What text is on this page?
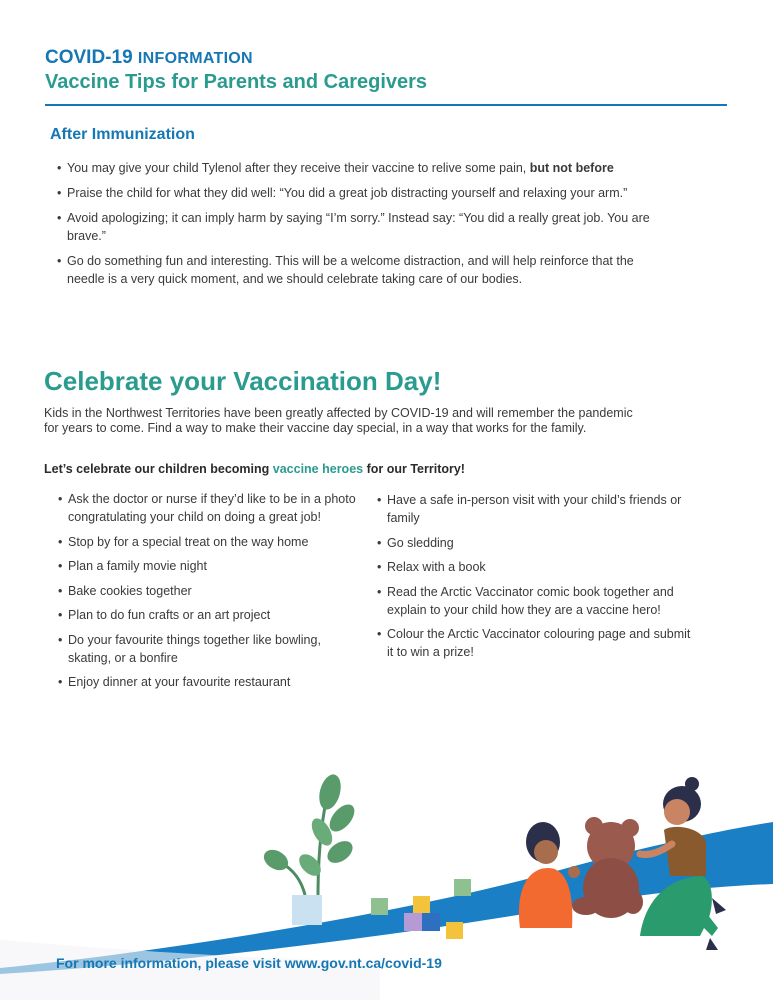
COVID-19 INFORMATION
Vaccine Tips for Parents and Caregivers
After Immunization
• You may give your child Tylenol after they receive their vaccine to relive some pain, but not before
• Praise the child for what they did well: “You did a great job distracting yourself and relaxing your arm.”
• Avoid apologizing; it can imply harm by saying “I’m sorry.” Instead say: “You did a really great job. You are brave.”
• Go do something fun and interesting. This will be a welcome distraction, and will help reinforce that the needle is a very quick moment, and we should celebrate taking care of our bodies.
Celebrate your Vaccination Day!

Kids in the Northwest Territories have been greatly affected by COVID-19 and will remember the pandemic for years to come. Find a way to make their vaccine day special, in a way that works for the family.

Let’s celebrate our children becoming vaccine heroes for our Territory!
• Ask the doctor or nurse if they’d like to be in a photo congratulating your child on doing a great job!
• Stop by for a special treat on the way home
• Plan a family movie night
• Bake cookies together
• Plan to do fun crafts or an art project
• Do your favourite things together like bowling, skating, or a bonfire
• Enjoy dinner at your favourite restaurant
• Have a safe in-person visit with your child’s friends or family
• Go sledding
• Relax with a book
• Read the Arctic Vaccinator comic book together and explain to your child how they are a vaccine hero!
• Colour the Arctic Vaccinator colouring page and submit it to win a prize!
For more information, please visit www.gov.nt.ca/covid-19
